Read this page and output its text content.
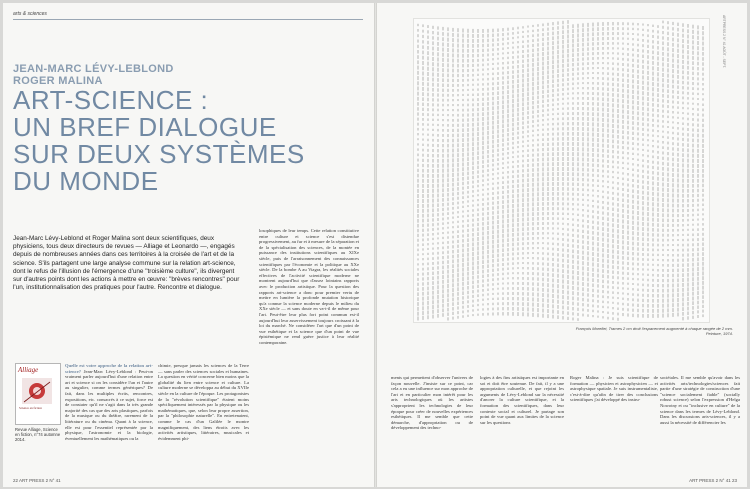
arts & sciences
JEAN-MARC LÉVY-LEBLOND
ROGER MALINA
ART-SCIENCE :
UN BREF DIALOGUE
SUR DEUX SYSTÈMES
DU MONDE
Jean-Marc Lévy-Leblond et Roger Malina sont deux scientifiques, deux physiciens, tous deux directeurs de revues — Alliage et Leonardo —, engagés depuis de nombreuses années dans ces territoires à la croisée de l'art et de la science. S'ils partagent une large analyse commune sur la relation art-science, dont le refus de l'illusion de l'émergence d'une "troisième culture", ils divergent sur d'autres points dont les actions à mettre en œuvre: "brèves rencontres" pour l'un, institutionnalisation des pratiques pour l'autre. Rencontre et dialogue.
Alliage
Science en fiction
Revue Alliage, Science en fiction, n°74 automne 2014.
Quelle est votre approche de la relation art-science? Jean-Marc Lévy-Leblond : Peut-on vraiment parler aujourd'hui d'une relation entre art et science si on les considère l'un et l'autre au singulier, comme termes génériques? De fait, dans les multiples écrits, rencontres, expositions, etc. consacrés à ce sujet, force est de constater qu'il ne s'agit dans la très grande majorité des cas que des arts plastiques, parfois de la musique ou du théâtre, rarement de la littérature ou du cinéma. Quant à la science, elle est pour l'essentiel représentée par la physique, l'astronomie et la biologie, éventuellement les mathématiques ou la
chimie, presque jamais les sciences de la Terre — sans parler des sciences sociales et humaines. La question en vérité concerne bien moins que la globalité du lien entre science et culture. La culture moderne se développa au début du XVIIe siècle en la culture de l'époque. Les protagonistes de la "révolution scientifique" étaient moins spécifiquement intéressés par la physique ou les mathématiques, que, selon leur propre assertion, par la "philosophie naturelle". En entretenaient, comme le cas d'un Galilée le montre magnifiquement, des liens étroits avec les activités artistiques, littéraires, musicales et évidemment phi-
losophiques de leur temps. Cette relation constitutive entre culture et science s'est distendue progressivement, au fur et à mesure de la séparation et de la spécialisation des sciences, de la montée en puissance des institutions scientifiques au XIXe siècle, puis de l'arraisonnement des connaissances scientifiques par l'économie et la politique au XXe siècle. De la bombe A au Viagra, les réalités sociales effectives de l'activité scientifique moderne ne montrent aujourd'hui que d'assez lointains rapports avec le production artistique. Pour la question des rapports art-science a donc pour premier vertu de mettre en lumière la profonde mutation historique qu'a connue la science moderne depuis le milieu du XXe siècle — et sans doute en va-t-il de même pour l'art. Peut-être leur plus fort point commun est-il aujourd'hui leur asservissement toujours croissant à la loi du marché. Ne considérer l'art que d'un point de vue esthétique et la science que d'un point de vue épistémique ne rend guère justice à leur réalité contemporaine.
22 ART PRESS 2 N° 41
ARTPRESS 2 N° 41 AOÛT - SEPT.
François Morellet, Trames 2 cm droit l'espacement augmenté à chaque rangée de 2 mm. Peinture, 1974.
ments qui permettent d'observer l'univers de façon nouvelle. J'insiste sur ce point, car cela a eu une influence sur mon approche de l'art et en particulier mon intérêt pour les arts technologiques où les artistes s'approprient les technologies de leur époque pour créer de nouvelles expériences esthétiques. Il me semble que cette démarche, d'appropriation ou de développement des techno-
logies à des fins artistiques est importante en soi et doit être soutenue. De fait, il y a une appropriation culturelle, et que rejoint les arguments de Lévy-Leblond sur la nécessité d'ancrer la culture scientifique, et la formation des scientifiques, dans leur contexte social et culturel. Je partage son point de vue quant aux limites de la science sur les questions
Roger Malina : Je suis scientifique de formation — physicien et astrophysicien — et astrophysique spatiale. Je suis instrumentaliste, c'est-à-dire qu'afin de tirer des conclusions scientifiques j'ai développé des instru-
sociétales. Il me semble qu'avoir dans les activités arts/technologies/sciences fait partie d'une stratégie de construction d'une "science socialement fiable" (socially robust science) selon l'expression d'Helga Nowotny et ou "inclusive en culture" de la science dans les termes de Lévy-Leblond. Dans les discussions arts-sciences, il y a aussi la nécessité de différencier les
ART PRESS 2 N° 41 23
